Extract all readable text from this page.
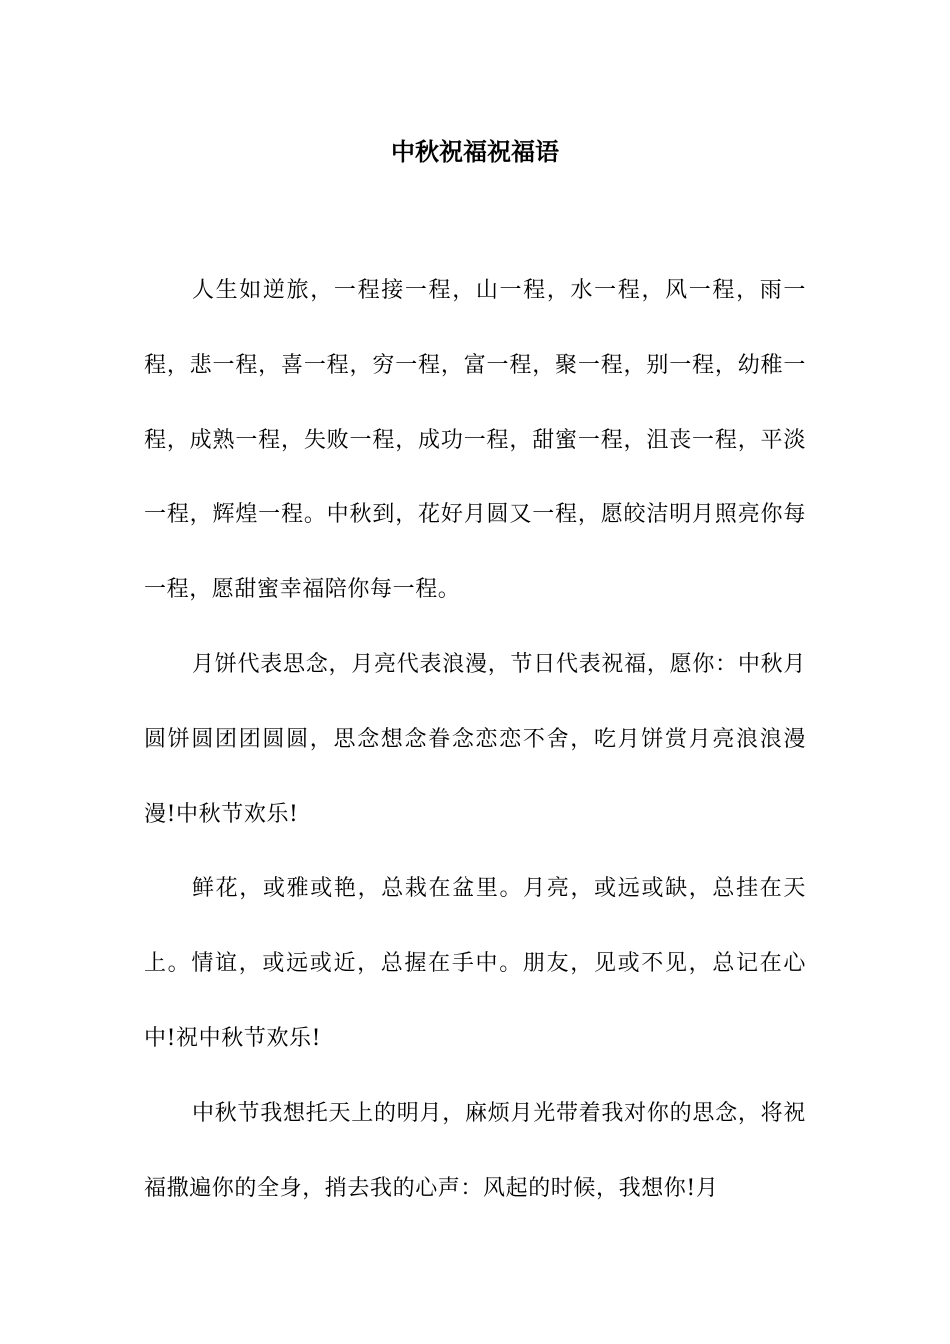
中秋祝福祝福语

人生如逆旅，一程接一程，山一程，水一程，风一程，雨一程，悲一程，喜一程，穷一程，富一程，聚一程，别一程，幼稚一程，成熟一程，失败一程，成功一程，甜蜜一程，沮丧一程，平淡一程，辉煌一程。中秋到，花好月圆又一程，愿皎洁明月照亮你每一程，愿甜蜜幸福陪你每一程。

月饼代表思念，月亮代表浪漫，节日代表祝福，愿你：中秋月圆饼圆团团圆圆，思念想念眷念恋恋不舍，吃月饼赏月亮浪浪漫漫!中秋节欢乐!

鲜花，或雅或艳，总栽在盆里。月亮，或远或缺，总挂在天上。情谊，或远或近，总握在手中。朋友，见或不见，总记在心中!祝中秋节欢乐!

中秋节我想托天上的明月，麻烦月光带着我对你的思念，将祝福撒遍你的全身，捎去我的心声：风起的时候，我想你!月
